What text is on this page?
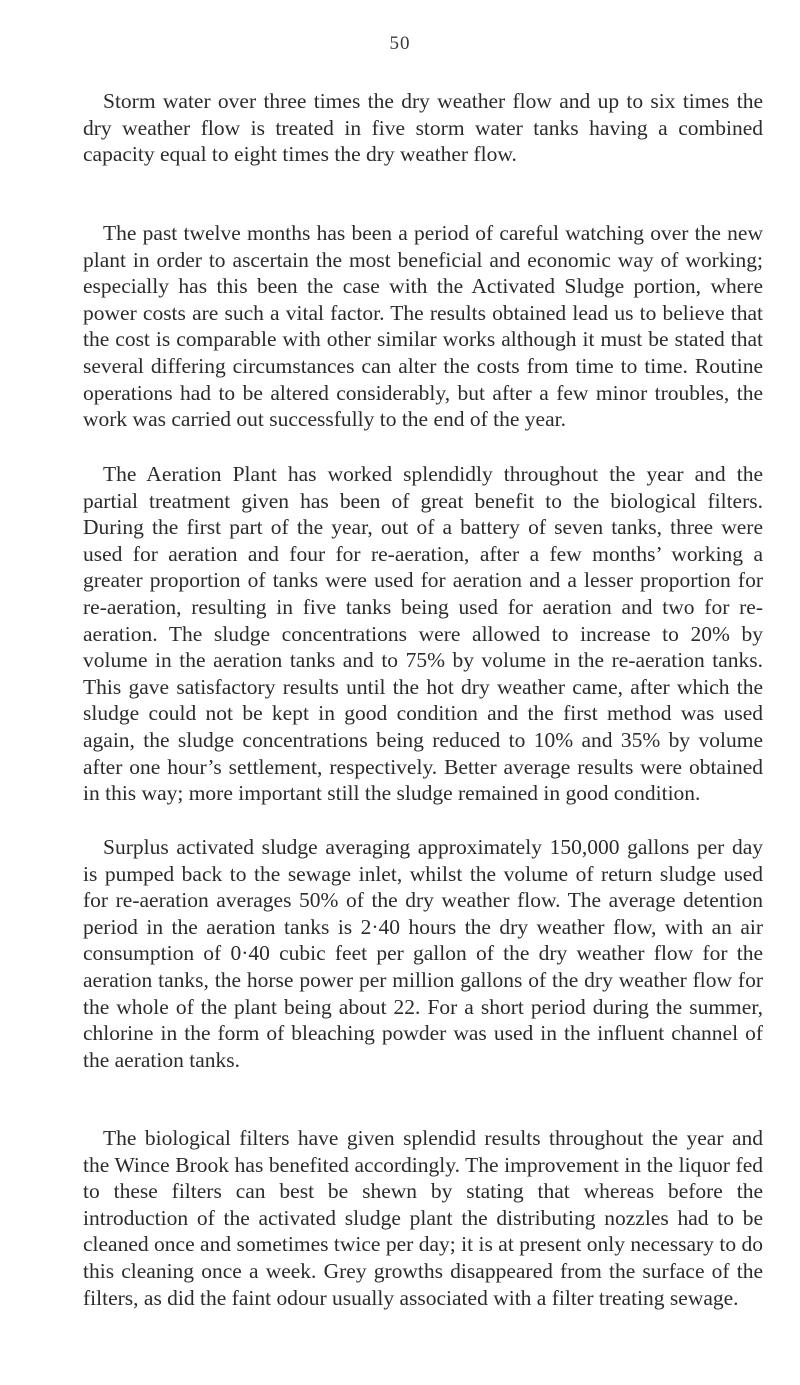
50

Storm water over three times the dry weather flow and up to six times the dry weather flow is treated in five storm water tanks having a combined capacity equal to eight times the dry weather flow.

The past twelve months has been a period of careful watching over the new plant in order to ascertain the most beneficial and economic way of working; especially has this been the case with the Activated Sludge portion, where power costs are such a vital factor. The results obtained lead us to believe that the cost is comparable with other similar works although it must be stated that several differing circumstances can alter the costs from time to time. Routine operations had to be altered considerably, but after a few minor troubles, the work was carried out successfully to the end of the year.

The Aeration Plant has worked splendidly throughout the year and the partial treatment given has been of great benefit to the biological filters. During the first part of the year, out of a battery of seven tanks, three were used for aeration and four for re-aeration, after a few months’ working a greater proportion of tanks were used for aeration and a lesser proportion for re-aeration, resulting in five tanks being used for aeration and two for re-aeration. The sludge concentrations were allowed to increase to 20% by volume in the aeration tanks and to 75% by volume in the re-aeration tanks. This gave satisfactory results until the hot dry weather came, after which the sludge could not be kept in good condition and the first method was used again, the sludge concentrations being reduced to 10% and 35% by volume after one hour’s settlement, respectively. Better average results were obtained in this way; more important still the sludge remained in good condition.

Surplus activated sludge averaging approximately 150,000 gallons per day is pumped back to the sewage inlet, whilst the volume of return sludge used for re-aeration averages 50% of the dry weather flow. The average detention period in the aeration tanks is 2·40 hours the dry weather flow, with an air consumption of 0·40 cubic feet per gallon of the dry weather flow for the aeration tanks, the horse power per million gallons of the dry weather flow for the whole of the plant being about 22. For a short period during the summer, chlorine in the form of bleaching powder was used in the influent channel of the aeration tanks.

The biological filters have given splendid results throughout the year and the Wince Brook has benefited accordingly. The improvement in the liquor fed to these filters can best be shewn by stating that whereas before the introduction of the activated sludge plant the distributing nozzles had to be cleaned once and sometimes twice per day; it is at present only necessary to do this cleaning once a week. Grey growths disappeared from the surface of the filters, as did the faint odour usually associated with a filter treating sewage.
